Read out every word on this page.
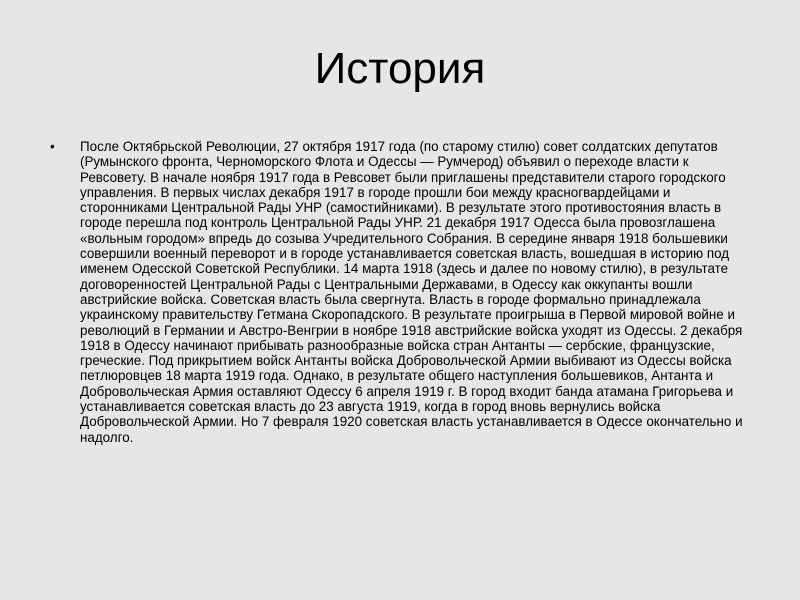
История
• После Октябрьской Революции, 27 октября 1917 года (по старому стилю) совет солдатских депутатов (Румынского фронта, Черноморского Флота и Одессы — Румчерод) объявил о переходе власти к Ревсовету. В начале ноября 1917 года в Ревсовет были приглашены представители старого городского управления. В первых числах декабря 1917 в городе прошли бои между красногвардейцами и сторонниками Центральной Рады УНР (самостийниками). В результате этого противостояния власть в городе перешла под контроль Центральной Рады УНР. 21 декабря 1917 Одесса была провозглашена «вольным городом» впредь до созыва Учредительного Собрания. В середине января 1918 большевики совершили военный переворот и в городе устанавливается советская власть, вошедшая в историю под именем Одесской Советской Республики. 14 марта 1918 (здесь и далее по новому стилю), в результате договоренностей Центральной Рады с Центральными Державами, в Одессу как оккупанты вошли австрийские войска. Советская власть была свергнута. Власть в городе формально принадлежала украинскому правительству Гетмана Скоропадского. В результате проигрыша в Первой мировой войне и революций в Германии и Австро-Венгрии в ноябре 1918 австрийские войска уходят из Одессы. 2 декабря 1918 в Одессу начинают прибывать разнообразные войска стран Антанты — сербские, французские, греческие. Под прикрытием войск Антанты войска Добровольческой Армии выбивают из Одессы войска петлюровцев 18 марта 1919 года. Однако, в результате общего наступления большевиков, Антанта и Добровольческая Армия оставляют Одессу 6 апреля 1919 г. В город входит банда атамана Григорьева и устанавливается советская власть до 23 августа 1919, когда в город вновь вернулись войска Добровольческой Армии. Но 7 февраля 1920 советская власть устанавливается в Одессе окончательно и надолго.
